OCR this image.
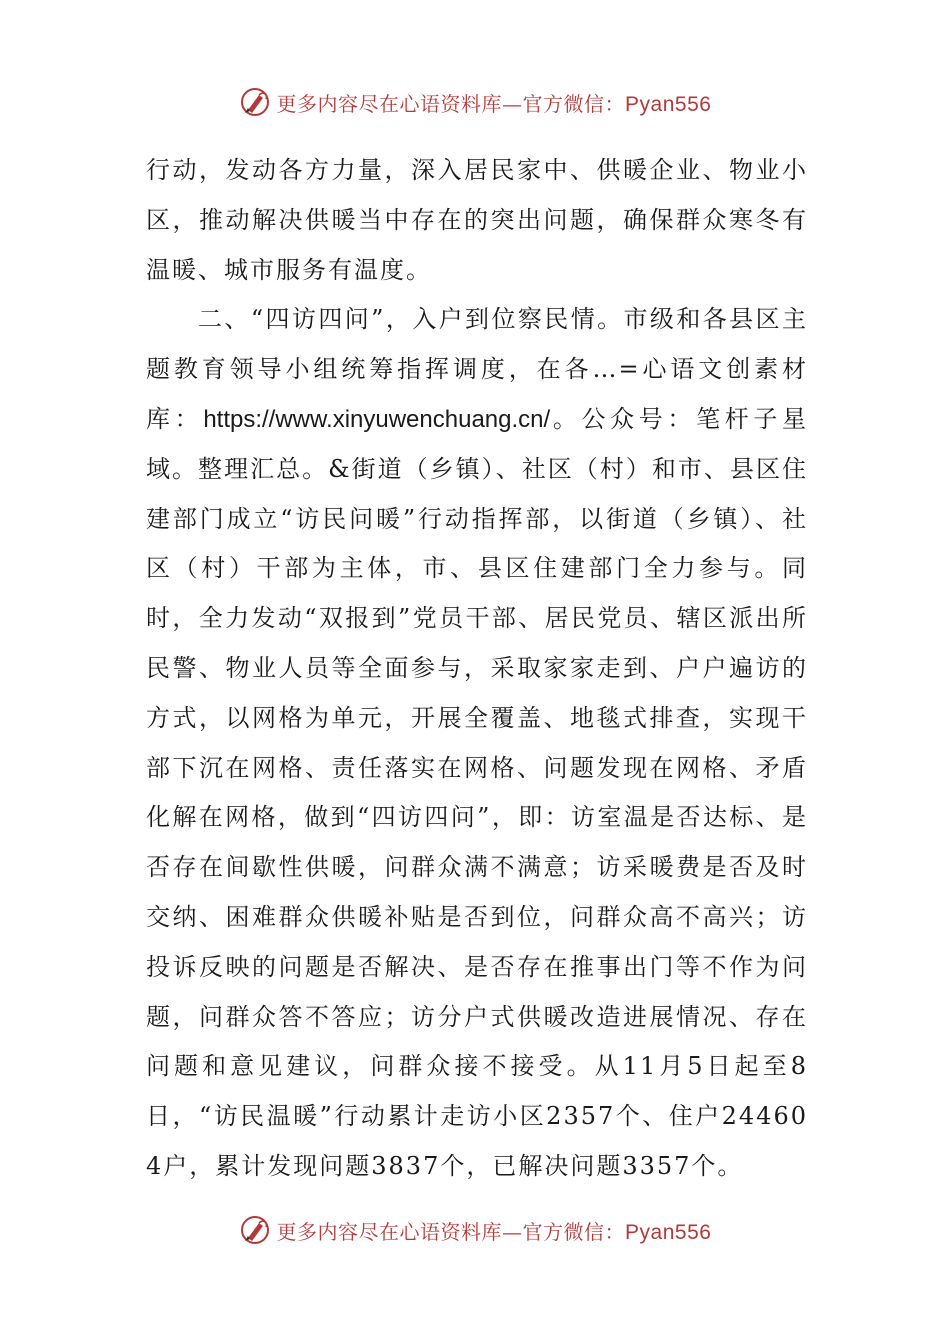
更多内容尽在心语资料库—官方微信：Pyan556

行动，发动各方力量，深入居民家中、供暖企业、物业小区，推动解决供暖当中存在的突出问题，确保群众寒冬有温暖、城市服务有温度。

二、“四访四问”，入户到位察民情。市级和各县区主题教育领导小组统筹指挥调度，在各…=心语文创素材库：https://www.xinyuwenchuang.cn/。公众号：笔杆子星域。整理汇总。&街道（乡镇）、社区（村）和市、县区住建部门成立“访民问暖”行动指挥部，以街道（乡镇）、社区（村）干部为主体，市、县区住建部门全力参与。同时，全力发动“双报到”党员干部、居民党员、辖区派出所民警、物业人员等全面参与，采取家家走到、户户遍访的方式，以网格为单元，开展全覆盖、地毯式排查，实现干部下沉在网格、责任落实在网格、问题发现在网格、矛盾化解在网格，做到“四访四问”，即：访室温是否达标、是否存在间歇性供暖，问群众满不满意；访采暖费是否及时交纳、困难群众供暖补贴是否到位，问群众高不高兴；访投诉反映的问题是否解决、是否存在推事出门等不作为问题，问群众答不答应；访分户式供暖改造进展情况、存在问题和意见建议，问群众接不接受。从11月5日起至8日，“访民温暖”行动累计走访小区2357个、住户244604户，累计发现问题3837个，已解决问题3357个。

更多内容尽在心语资料库—官方微信：Pyan556
